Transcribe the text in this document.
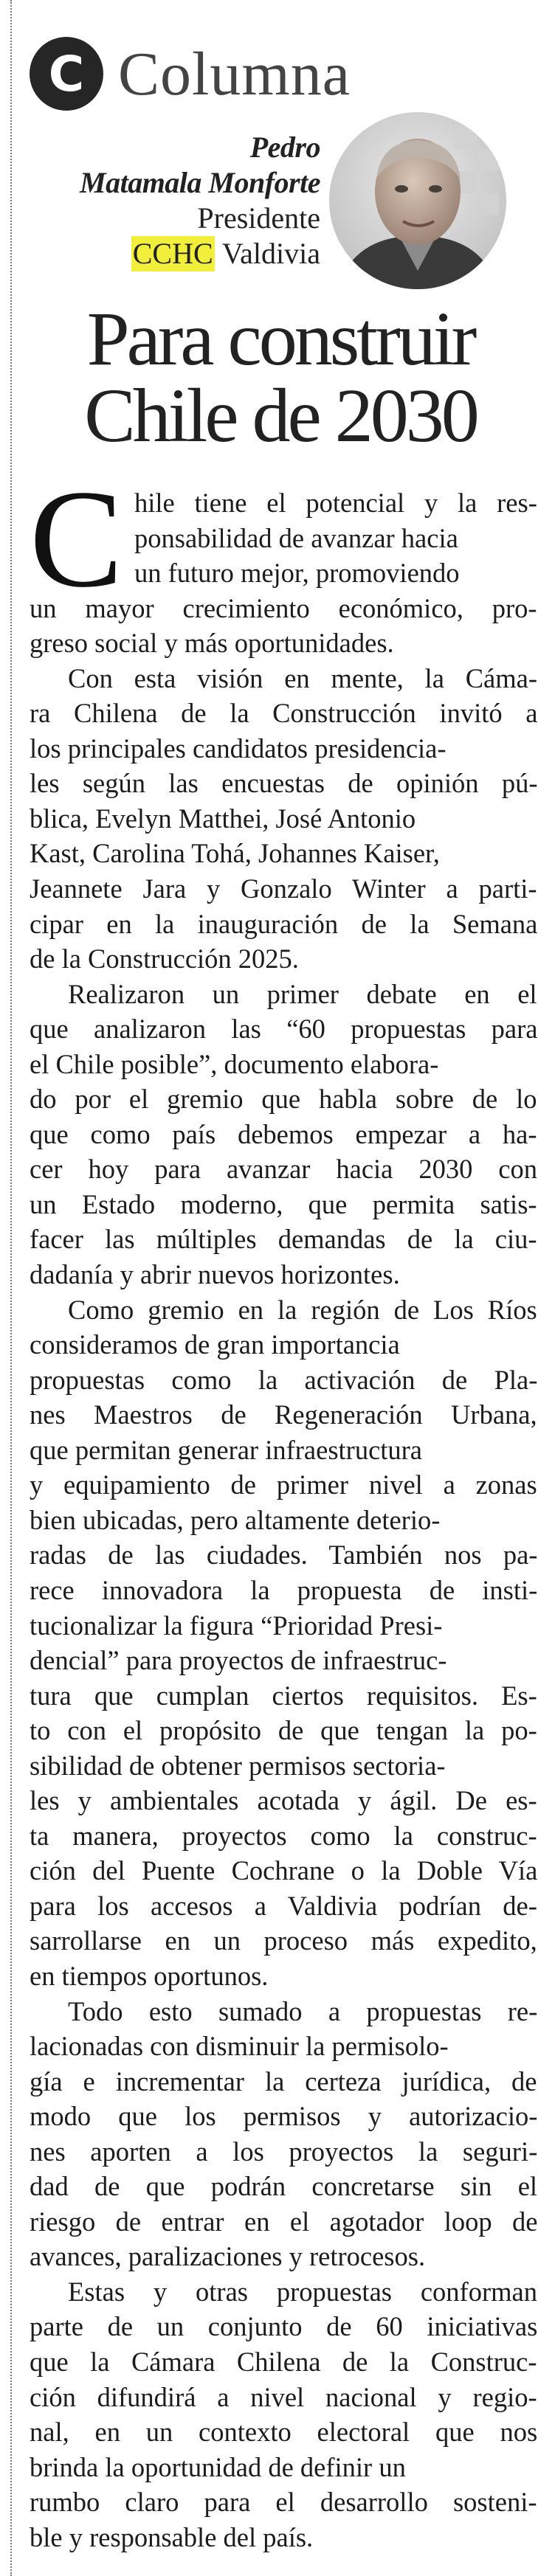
C Columna
Pedro
Matamala Monforte
Presidente
CCHC Valdivia
Para construir
Chile de 2030

C hile tiene el potencial y la res-
ponsabilidad de avanzar hacia
un futuro mejor, promoviendo
un mayor crecimiento económico, pro-
greso social y más oportunidades.

Con esta visión en mente, la Cáma-
ra Chilena de la Construcción invitó a
los principales candidatos presidencia-
les según las encuestas de opinión pú-
blica, Evelyn Matthei, José Antonio
Kast, Carolina Tohá, Johannes Kaiser,
Jeannete Jara y Gonzalo Winter a parti-
cipar en la inauguración de la Semana
de la Construcción 2025.

Realizaron un primer debate en el
que analizaron las “60 propuestas para
el Chile posible”, documento elabora-
do por el gremio que habla sobre de lo
que como país debemos empezar a ha-
cer hoy para avanzar hacia 2030 con
un Estado moderno, que permita satis-
facer las múltiples demandas de la ciu-
dadanía y abrir nuevos horizontes.

Como gremio en la región de Los Ríos
consideramos de gran importancia
propuestas como la activación de Pla-
nes Maestros de Regeneración Urbana,
que permitan generar infraestructura
y equipamiento de primer nivel a zonas
bien ubicadas, pero altamente deterio-
radas de las ciudades. También nos pa-
rece innovadora la propuesta de insti-
tucionalizar la figura “Prioridad Presi-
dencial” para proyectos de infraestruc-
tura que cumplan ciertos requisitos. Es-
to con el propósito de que tengan la po-
sibilidad de obtener permisos sectoria-
les y ambientales acotada y ágil. De es-
ta manera, proyectos como la construc-
ción del Puente Cochrane o la Doble Vía
para los accesos a Valdivia podrían de-
sarrollarse en un proceso más expedito,
en tiempos oportunos.

Todo esto sumado a propuestas re-
lacionadas con disminuir la permisolo-
gía e incrementar la certeza jurídica, de
modo que los permisos y autorizacio-
nes aporten a los proyectos la seguri-
dad de que podrán concretarse sin el
riesgo de entrar en el agotador loop de
avances, paralizaciones y retrocesos.

Estas y otras propuestas conforman
parte de un conjunto de 60 iniciativas
que la Cámara Chilena de la Construc-
ción difundirá a nivel nacional y regio-
nal, en un contexto electoral que nos
brinda la oportunidad de definir un
rumbo claro para el desarrollo sosteni-
ble y responsable del país.
